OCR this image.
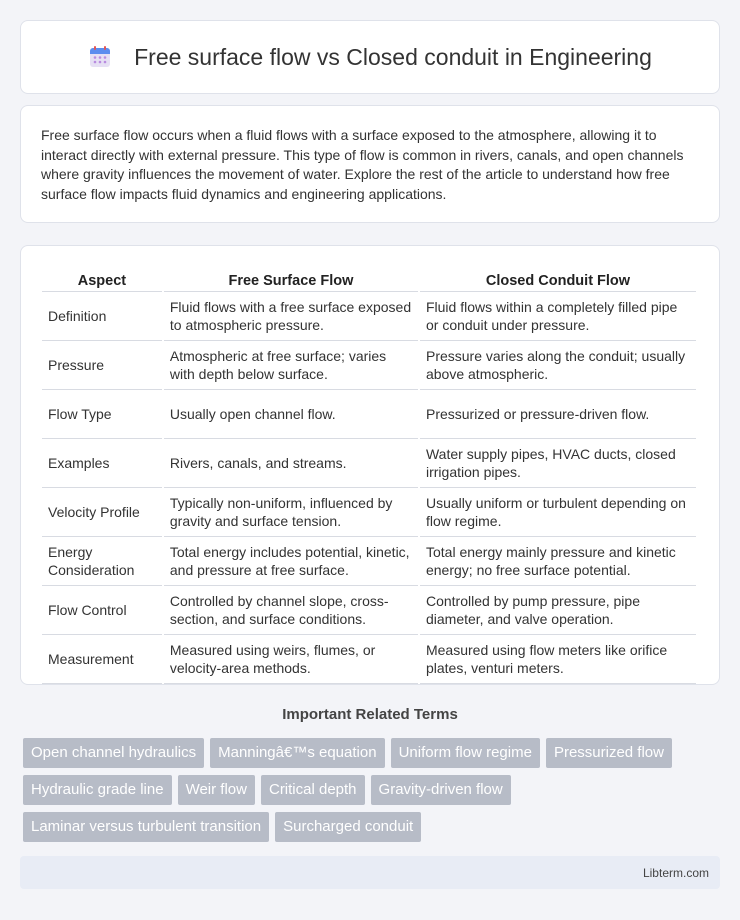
Free surface flow vs Closed conduit in Engineering

Free surface flow occurs when a fluid flows with a surface exposed to the atmosphere, allowing it to interact directly with external pressure. This type of flow is common in rivers, canals, and open channels where gravity influences the movement of water. Explore the rest of the article to understand how free surface flow impacts fluid dynamics and engineering applications.

Aspect	Free Surface Flow	Closed Conduit Flow
Definition	Fluid flows with a free surface exposed to atmospheric pressure.	Fluid flows within a completely filled pipe or conduit under pressure.
Pressure	Atmospheric at free surface; varies with depth below surface.	Pressure varies along the conduit; usually above atmospheric.
Flow Type	Usually open channel flow.	Pressurized or pressure-driven flow.
Examples	Rivers, canals, and streams.	Water supply pipes, HVAC ducts, closed irrigation pipes.
Velocity Profile	Typically non-uniform, influenced by gravity and surface tension.	Usually uniform or turbulent depending on flow regime.
Energy Consideration	Total energy includes potential, kinetic, and pressure at free surface.	Total energy mainly pressure and kinetic energy; no free surface potential.
Flow Control	Controlled by channel slope, cross-section, and surface conditions.	Controlled by pump pressure, pipe diameter, and valve operation.
Measurement	Measured using weirs, flumes, or velocity-area methods.	Measured using flow meters like orifice plates, venturi meters.
Important Related Terms
Open channel hydraulics	Manningâ€™s equation	Uniform flow regime	Pressurized flow
Hydraulic grade line	Weir flow	Critical depth	Gravity-driven flow
Laminar versus turbulent transition	Surcharged conduit
Libterm.com
